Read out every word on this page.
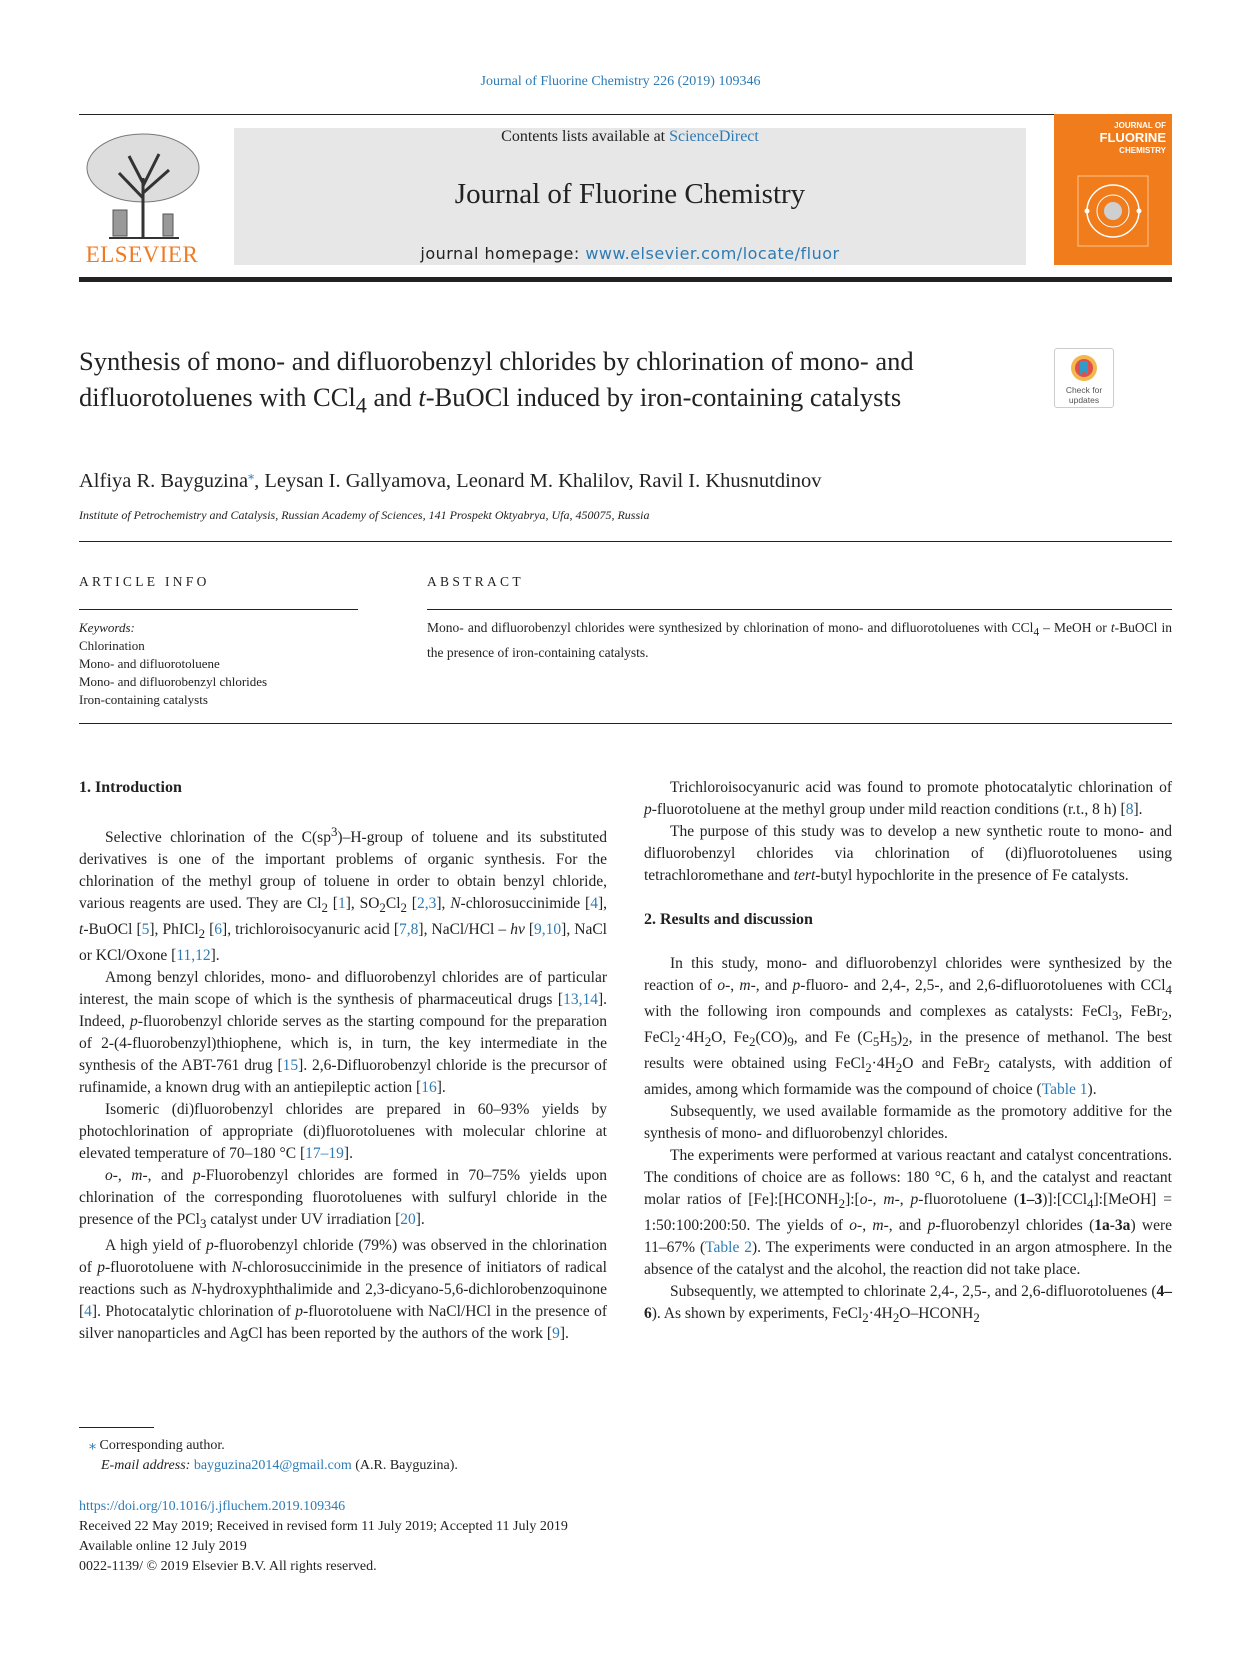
Journal of Fluorine Chemistry 226 (2019) 109346
ELSEVIER
Contents lists available at ScienceDirect
Journal of Fluorine Chemistry
journal homepage: www.elsevier.com/locate/fluor
JOURNAL OF
FLUORINE
CHEMISTRY
Synthesis of mono- and difluorobenzyl chlorides by chlorination of mono- and difluorotoluenes with CCl$_4$ and t-BuOCl induced by iron-containing catalysts	Check for
updates
Alfiya R. Bayguzina⁎, Leysan I. Gallyamova, Leonard M. Khalilov, Ravil I. Khusnutdinov
Institute of Petrochemistry and Catalysis, Russian Academy of Sciences, 141 Prospekt Oktyabrya, Ufa, 450075, Russia
ARTICLE INFO
Keywords:
Chlorination
Mono- and difluorotoluene
Mono- and difluorobenzyl chlorides
Iron-containing catalysts
ABSTRACT
Mono- and difluorobenzyl chlorides were synthesized by chlorination of mono- and difluorotoluenes with CCl$_4$ – MeOH or t-BuOCl in the presence of iron-containing catalysts.
1. Introduction

Selective chlorination of the $C(sp^3)-H$-group of toluene and its substituted derivatives is one of the important problems of organic synthesis. For the chlorination of the methyl group of toluene in order to obtain benzyl chloride, various reagents are used. They are $Cl_2$ [1], $SO_2Cl_2$ [2,3], N-chlorosuccinimide [4], t-BuOCl [5], PhICl$_2$ [6], trichloroisocyanuric acid [7,8], NaCl/HCl – hν [9,10], NaCl or KCl/Oxone [11,12].

Among benzyl chlorides, mono- and difluorobenzyl chlorides are of particular interest, the main scope of which is the synthesis of pharmaceutical drugs [13,14]. Indeed, p-fluorobenzyl chloride serves as the starting compound for the preparation of 2-(4-fluorobenzyl)thiophene, which is, in turn, the key intermediate in the synthesis of the ABT-761 drug [15]. 2,6-Difluorobenzyl chloride is the precursor of rufinamide, a known drug with an antiepileptic action [16].

Isomeric (di)fluorobenzyl chlorides are prepared in 60–93% yields by photochlorination of appropriate (di)fluorotoluenes with molecular chlorine at elevated temperature of 70–180 °C [17–19].

o-, m-, and p-Fluorobenzyl chlorides are formed in 70–75% yields upon chlorination of the corresponding fluorotoluenes with sulfuryl chloride in the presence of the PCl$_3$ catalyst under UV irradiation [20].

A high yield of p-fluorobenzyl chloride (79%) was observed in the chlorination of p-fluorotoluene with N-chlorosuccinimide in the presence of initiators of radical reactions such as N-hydroxyphthalimide and 2,3-dicyano-5,6-dichlorobenzoquinone [4]. Photocatalytic chlorination of p-fluorotoluene with NaCl/HCl in the presence of silver nanoparticles and AgCl has been reported by the authors of the work [9].

Trichloroisocyanuric acid was found to promote photocatalytic chlorination of p-fluorotoluene at the methyl group under mild reaction conditions (r.t., 8 h) [8].

The purpose of this study was to develop a new synthetic route to mono- and difluorobenzyl chlorides via chlorination of (di)fluorotoluenes using tetrachloromethane and tert-butyl hypochlorite in the presence of Fe catalysts.

2. Results and discussion

In this study, mono- and difluorobenzyl chlorides were synthesized by the reaction of o-, m-, and p-fluoro- and 2,4-, 2,5-, and 2,6-difluorotoluenes with CCl$_4$ with the following iron compounds and complexes as catalysts: FeCl$_3$, FeBr$_2$, $FeCl_2\cdot 4H_2O$, $Fe_2(CO)_9$, and Fe $(C_5H_5)_2$, in the presence of methanol. The best results were obtained using $FeCl_2\cdot 4H_2O$ and FeBr$_2$ catalysts, with addition of amides, among which formamide was the compound of choice (Table 1).

Subsequently, we used available formamide as the promotory additive for the synthesis of mono- and difluorobenzyl chlorides.

The experiments were performed at various reactant and catalyst concentrations. The conditions of choice are as follows: 180 °C, 6 h, and the catalyst and reactant molar ratios of $[Fe]:[HCONH_2]:[o-$, m-, p-fluorotoluene (1–3)]:[CCl$_4$]:[MeOH] = 1:50:100:200:50. The yields of o-, m-, and p-fluorobenzyl chlorides (1a-3a) were 11–67% (Table 2). The experiments were conducted in an argon atmosphere. In the absence of the catalyst and the alcohol, the reaction did not take place.

Subsequently, we attempted to chlorinate 2,4-, 2,5-, and 2,6-difluorotoluenes (4–6). As shown by experiments, $FeCl_2\cdot 4H_2O-HCONH_2$

⁎ Corresponding author.
E-mail address: bayguzina2014@gmail.com (A.R. Bayguzina).
https://doi.org/10.1016/j.jfluchem.2019.109346
Received 22 May 2019; Received in revised form 11 July 2019; Accepted 11 July 2019
Available online 12 July 2019
0022-1139/ © 2019 Elsevier B.V. All rights reserved.
